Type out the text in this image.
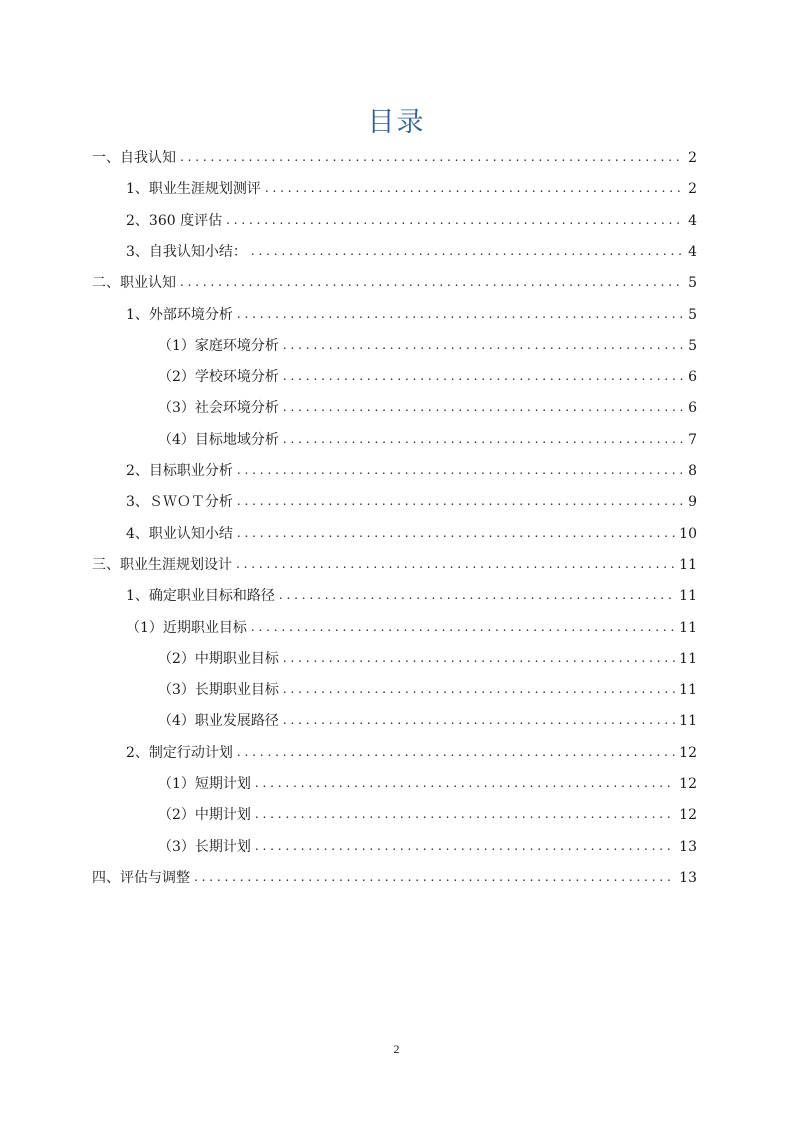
目录
一、自我认知 . . .	2
1、职业生涯规划测评 . . .	2
2、360 度评估 . . .	4
3、自我认知小结： . . .	4
二、职业认知 . . .	5
1、外部环境分析 . . .	5
（1）家庭环境分析 . . .	5
（2）学校环境分析 . . .	6
（3）社会环境分析 . . .	6
（4）目标地域分析 . . .	7
2、目标职业分析 . . .	8
3、ＳＷＯＴ分析 . . .	9
4、职业认知小结 . . .	10
三、职业生涯规划设计 . . .	11
1、确定职业目标和路径 . . .	11
（1）近期职业目标 . . .	11
（2）中期职业目标 . . .	11
（3）长期职业目标 . . .	11
（4）职业发展路径 . . .	11
2、制定行动计划 . . .	12
（1）短期计划 . . .	12
（2）中期计划 . . .	12
（3）长期计划 . . .	13
四、评估与调整 . . .	13
2
